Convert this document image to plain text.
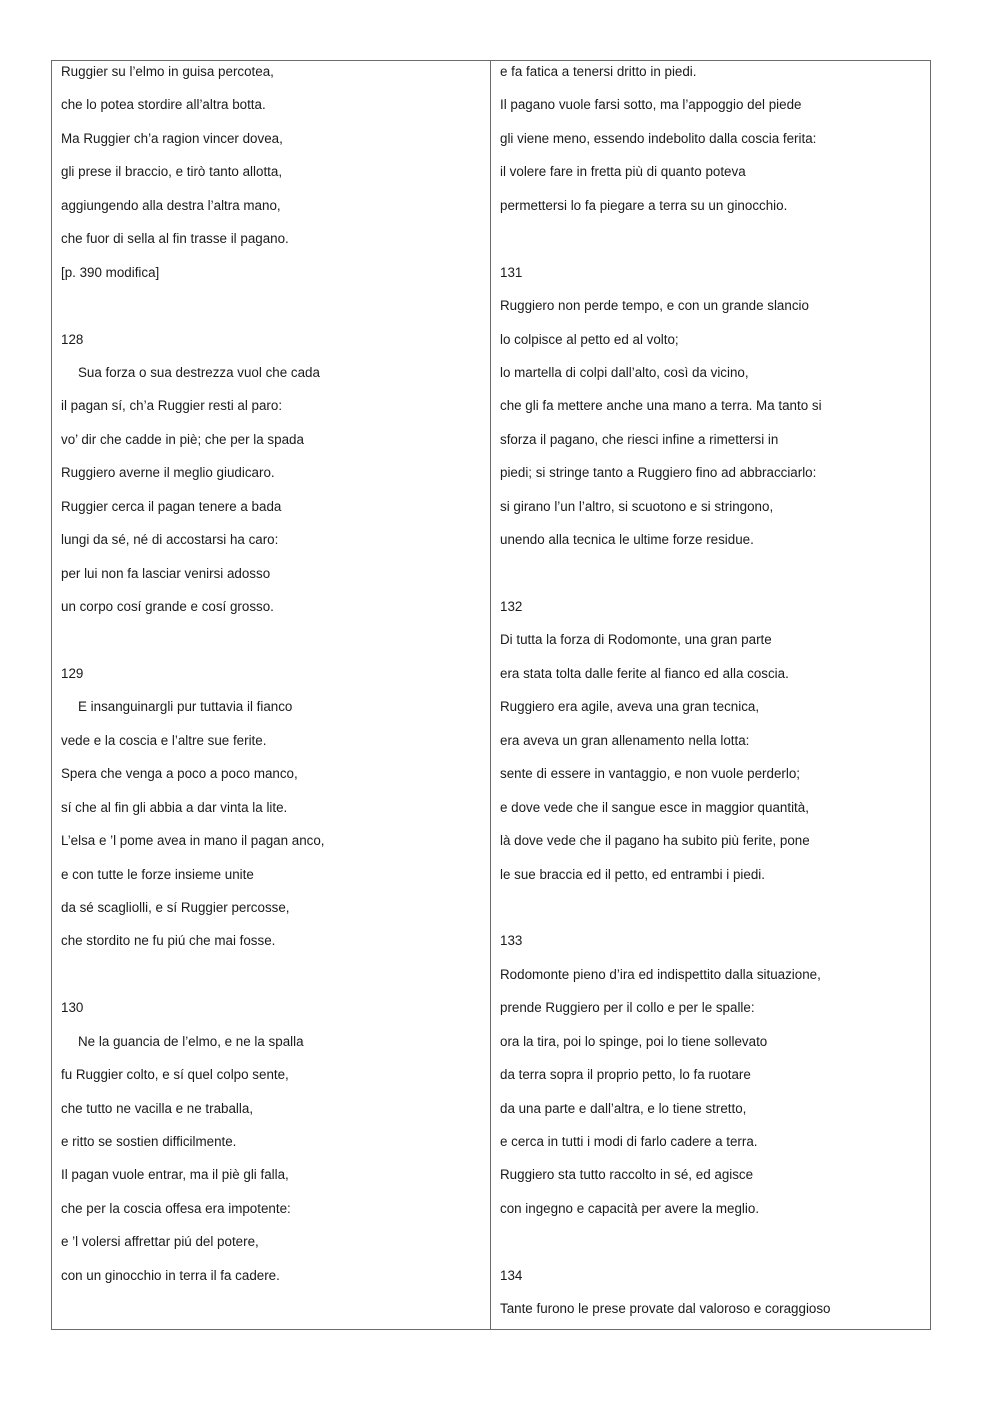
Ruggier su l’elmo in guisa percotea,

che lo potea stordire all’altra botta.

Ma Ruggier ch’a ragion vincer dovea,

gli prese il braccio, e tirò tanto allotta,

aggiungendo alla destra l’altra mano,

che fuor di sella al fin trasse il pagano.

[p. 390 modifica]

128

Sua forza o sua destrezza vuol che cada

il pagan sí, ch’a Ruggier resti al paro:

vo’ dir che cadde in piè; che per la spada

Ruggiero averne il meglio giudicaro.

Ruggier cerca il pagan tenere a bada

lungi da sé, né di accostarsi ha caro:

per lui non fa lasciar venirsi adosso

un corpo cosí grande e cosí grosso.

129

E insanguinargli pur tuttavia il fianco

vede e la coscia e l’altre sue ferite.

Spera che venga a poco a poco manco,

sí che al fin gli abbia a dar vinta la lite.

L’elsa e ’l pome avea in mano il pagan anco,

e con tutte le forze insieme unite

da sé scagliolli, e sí Ruggier percosse,

che stordito ne fu piú che mai fosse.

130

Ne la guancia de l’elmo, e ne la spalla

fu Ruggier colto, e sí quel colpo sente,

che tutto ne vacilla e ne traballa,

e ritto se sostien difficilmente.

Il pagan vuole entrar, ma il piè gli falla,

che per la coscia offesa era impotente:

e ’l volersi affrettar piú del potere,

con un ginocchio in terra il fa cadere.

e fa fatica a tenersi dritto in piedi.

Il pagano vuole farsi sotto, ma l’appoggio del piede

gli viene meno, essendo indebolito dalla coscia ferita:

il volere fare in fretta più di quanto poteva

permettersi lo fa piegare a terra su un ginocchio.

131

Ruggiero non perde tempo, e con un grande slancio

lo colpisce al petto ed al volto;

lo martella di colpi dall’alto, così da vicino,

che gli fa mettere anche una mano a terra. Ma tanto si

sforza il pagano, che riesci infine a rimettersi in

piedi; si stringe tanto a Ruggiero fino ad abbracciarlo:

si girano l’un l’altro, si scuotono e si stringono,

unendo alla tecnica le ultime forze residue.

132

Di tutta la forza di Rodomonte, una gran parte

era stata tolta dalle ferite al fianco ed alla coscia.

Ruggiero era agile, aveva una gran tecnica,

era aveva un gran allenamento nella lotta:

sente di essere in vantaggio, e non vuole perderlo;

e dove vede che il sangue esce in maggior quantità,

là dove vede che il pagano ha subito più ferite, pone

le sue braccia ed il petto, ed entrambi i piedi.

133

Rodomonte pieno d’ira ed indispettito dalla situazione,

prende Ruggiero per il collo e per le spalle:

ora la tira, poi lo spinge, poi lo tiene sollevato

da terra sopra il proprio petto, lo fa ruotare

da una parte e dall’altra, e lo tiene stretto,

e cerca in tutti i modi di farlo cadere a terra.

Ruggiero sta tutto raccolto in sé, ed agisce

con ingegno e capacità per avere la meglio.

134

Tante furono le prese provate dal valoroso e coraggioso
